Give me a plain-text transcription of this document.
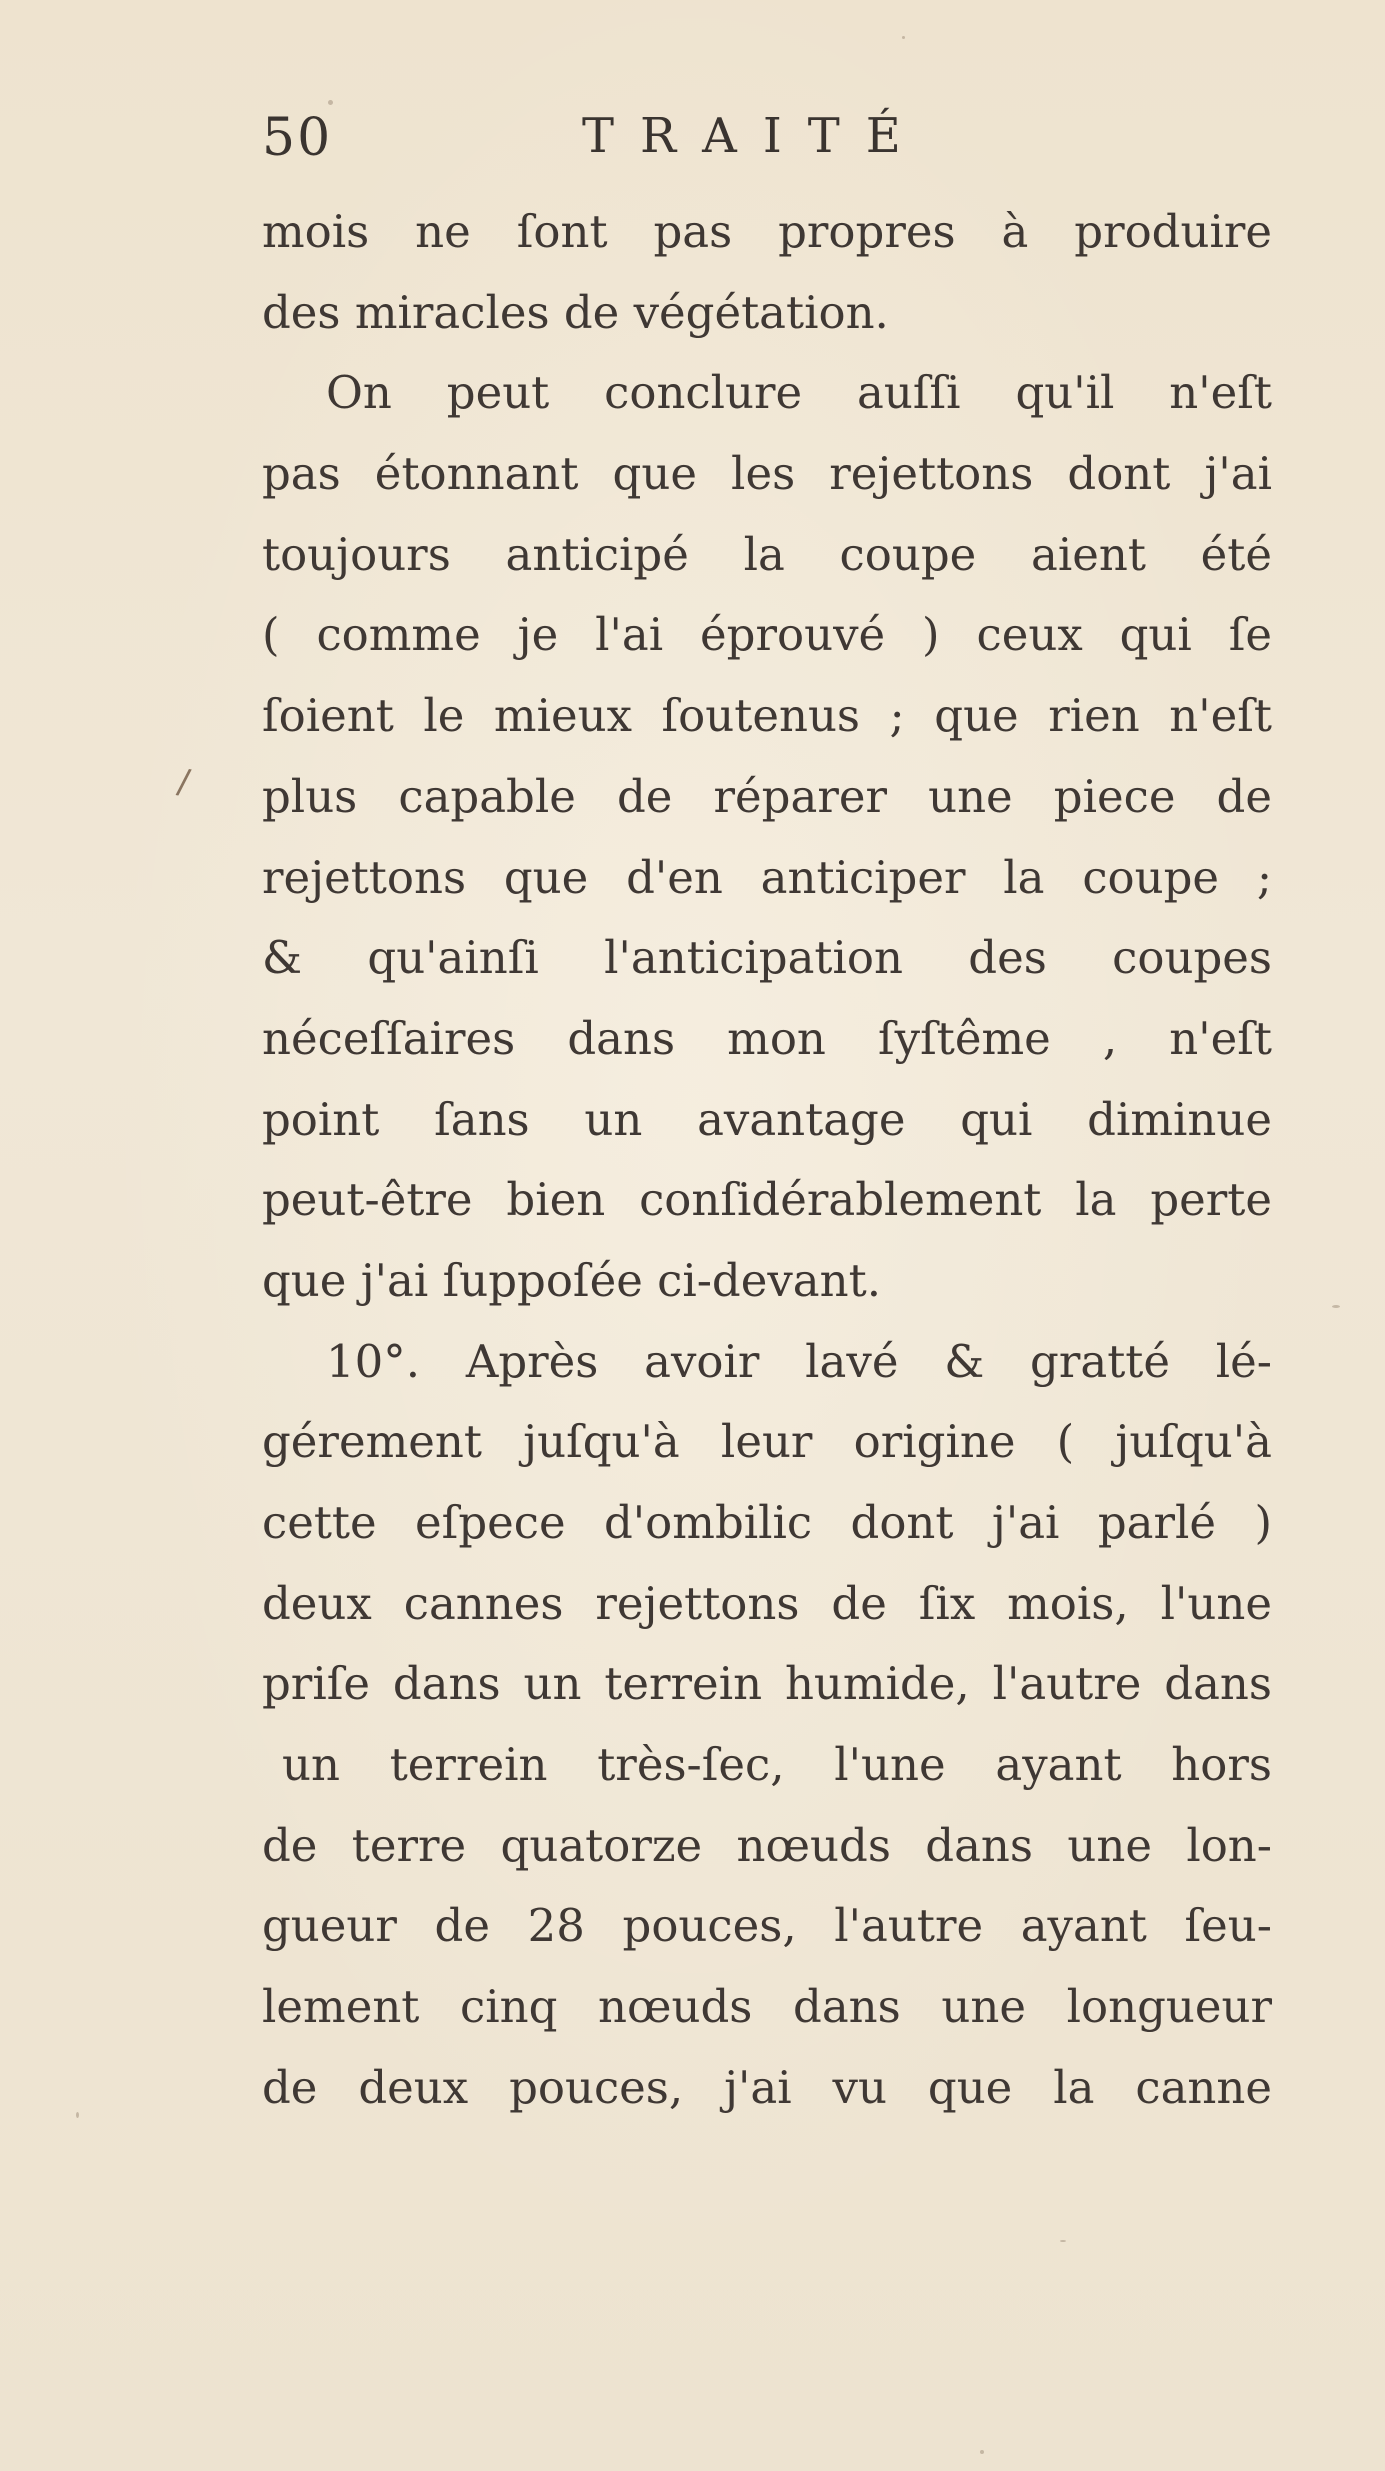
50	TRAITÉ
/
mois ne ſont pas propres à produire
des miracles de végétation.
On peut conclure auſſi qu'il n'eſt
pas étonnant que les rejettons dont j'ai
toujours anticipé la coupe aient été
( comme je l'ai éprouvé ) ceux qui ſe
ſoient le mieux ſoutenus ; que rien n'eſt
plus capable de réparer une piece de
rejettons que d'en anticiper la coupe ;
& qu'ainſi l'anticipation des coupes
néceſſaires dans mon ſyſtême , n'eſt
point ſans un avantage qui diminue
peut-être bien conſidérablement la perte
que j'ai ſuppoſée ci-devant.
10°. Après avoir lavé & gratté lé-
gérement juſqu'à leur origine ( juſqu'à
cette eſpece d'ombilic dont j'ai parlé )
deux cannes rejettons de ſix mois, l'une
priſe dans un terrein humide, l'autre dans
un terrein très-ſec, l'une ayant hors
de terre quatorze nœuds dans une lon-
gueur de 28 pouces, l'autre ayant ſeu-
lement cinq nœuds dans une longueur
de deux pouces, j'ai vu que la canne
